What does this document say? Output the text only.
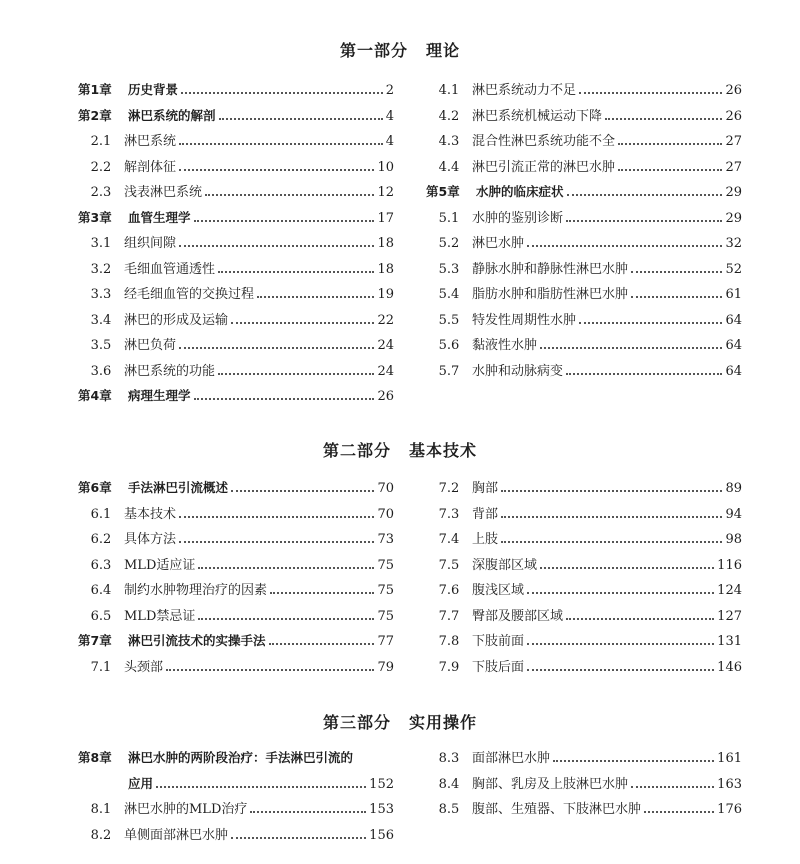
第一部分 理论
第1章	历史背景	2
第2章	淋巴系统的解剖	4
2.1 淋巴系统	4
2.2 解剖体征	10
2.3 浅表淋巴系统	12
第3章	血管生理学	17
3.1 组织间隙	18
3.2 毛细血管通透性	18
3.3 经毛细血管的交换过程	19
3.4 淋巴的形成及运输	22
3.5 淋巴负荷	24
3.6 淋巴系统的功能	24
第4章	病理生理学	26
4.1 淋巴系统动力不足	26
4.2 淋巴系统机械运动下降	26
4.3 混合性淋巴系统功能不全	27
4.4 淋巴引流正常的淋巴水肿	27
第5章	水肿的临床症状	29
5.1 水肿的鉴别诊断	29
5.2 淋巴水肿	32
5.3 静脉水肿和静脉性淋巴水肿	52
5.4 脂肪水肿和脂肪性淋巴水肿	61
5.5 特发性周期性水肿	64
5.6 黏液性水肿	64
5.7 水肿和动脉病变	64
第二部分 基本技术
第6章	手法淋巴引流概述	70
6.1 基本技术	70
6.2 具体方法	73
6.3 MLD适应证	75
6.4 制约水肿物理治疗的因素	75
6.5 MLD禁忌证	75
第7章	淋巴引流技术的实操手法	77
7.1 头颈部	79
7.2 胸部	89
7.3 背部	94
7.4 上肢	98
7.5 深腹部区域	116
7.6 腹浅区域	124
7.7 臀部及腰部区域	127
7.8 下肢前面	131
7.9 下肢后面	146
第三部分 实用操作
第8章	淋巴水肿的两阶段治疗：手法淋巴引流的
应用	152
8.1 淋巴水肿的MLD治疗	153
8.2 单侧面部淋巴水肿	156
8.3 面部淋巴水肿	161
8.4 胸部、乳房及上肢淋巴水肿	163
8.5 腹部、生殖器、下肢淋巴水肿	176
